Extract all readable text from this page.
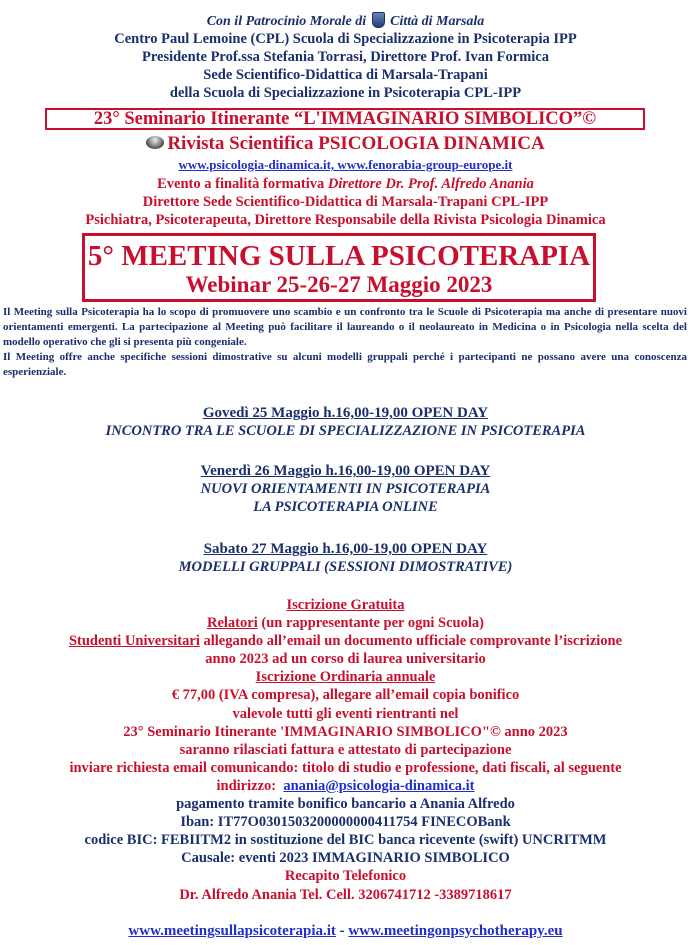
Con il Patrocinio Morale di Città di Marsala
Centro Paul Lemoine (CPL) Scuola di Specializzazione in Psicoterapia IPP
Presidente Prof.ssa Stefania Torrasi, Direttore Prof. Ivan Formica
Sede Scientifico-Didattica di Marsala-Trapani
della Scuola di Specializzazione in Psicoterapia CPL-IPP
23° Seminario Itinerante “L'IMMAGINARIO SIMBOLICO”©
Rivista Scientifica PSICOLOGIA DINAMICA
www.psicologia-dinamica.it, www.fenorabia-group-europe.it
Evento a finalità formativa Direttore Dr. Prof. Alfredo Anania
Direttore Sede Scientifico-Didattica di Marsala-Trapani CPL-IPP
Psichiatra, Psicoterapeuta, Direttore Responsabile della Rivista Psicologia Dinamica
5° MEETING SULLA PSICOTERAPIA
Webinar 25-26-27 Maggio 2023

Il Meeting sulla Psicoterapia ha lo scopo di promuovere uno scambio e un confronto tra le Scuole di Psicoterapia ma anche di presentare nuovi orientamenti emergenti. La partecipazione al Meeting può facilitare il laureando o il neolaureato in Medicina o in Psicologia nella scelta del modello operativo che gli si presenta più congeniale.

Il Meeting offre anche specifiche sessioni dimostrative su alcuni modelli gruppali perché i partecipanti ne possano avere una conoscenza esperienziale.

Govedì 25 Maggio h.16,00-19,00 OPEN DAY
INCONTRO TRA LE SCUOLE DI SPECIALIZZAZIONE IN PSICOTERAPIA
Venerdì 26 Maggio h.16,00-19,00 OPEN DAY
NUOVI ORIENTAMENTI IN PSICOTERAPIA
LA PSICOTERAPIA ONLINE
Sabato 27 Maggio h.16,00-19,00 OPEN DAY
MODELLI GRUPPALI (SESSIONI DIMOSTRATIVE)
Iscrizione Gratuita
Relatori (un rappresentante per ogni Scuola)
Studenti Universitari allegando all’email un documento ufficiale comprovante l’iscrizione
anno 2023 ad un corso di laurea universitario
Iscrizione Ordinaria annuale
€ 77,00 (IVA compresa), allegare all’email copia bonifico
valevole tutti gli eventi rientranti nel
23° Seminario Itinerante 'IMMAGINARIO SIMBOLICO"© anno 2023
saranno rilasciati fattura e attestato di partecipazione
inviare richiesta email comunicando: titolo di studio e professione, dati fiscali, al seguente
indirizzo: anania@psicologia-dinamica.it
pagamento tramite bonifico bancario a Anania Alfredo
Iban: IT77O0301503200000000411754 FINECOBank
codice BIC: FEBIITM2 in sostituzione del BIC banca ricevente (swift) UNCRITMM
Causale: eventi 2023 IMMAGINARIO SIMBOLICO
Recapito Telefonico
Dr. Alfredo Anania Tel. Cell. 3206741712 -3389718617
www.meetingsullapsicoterapia.it - www.meetingonpsychotherapy.eu
